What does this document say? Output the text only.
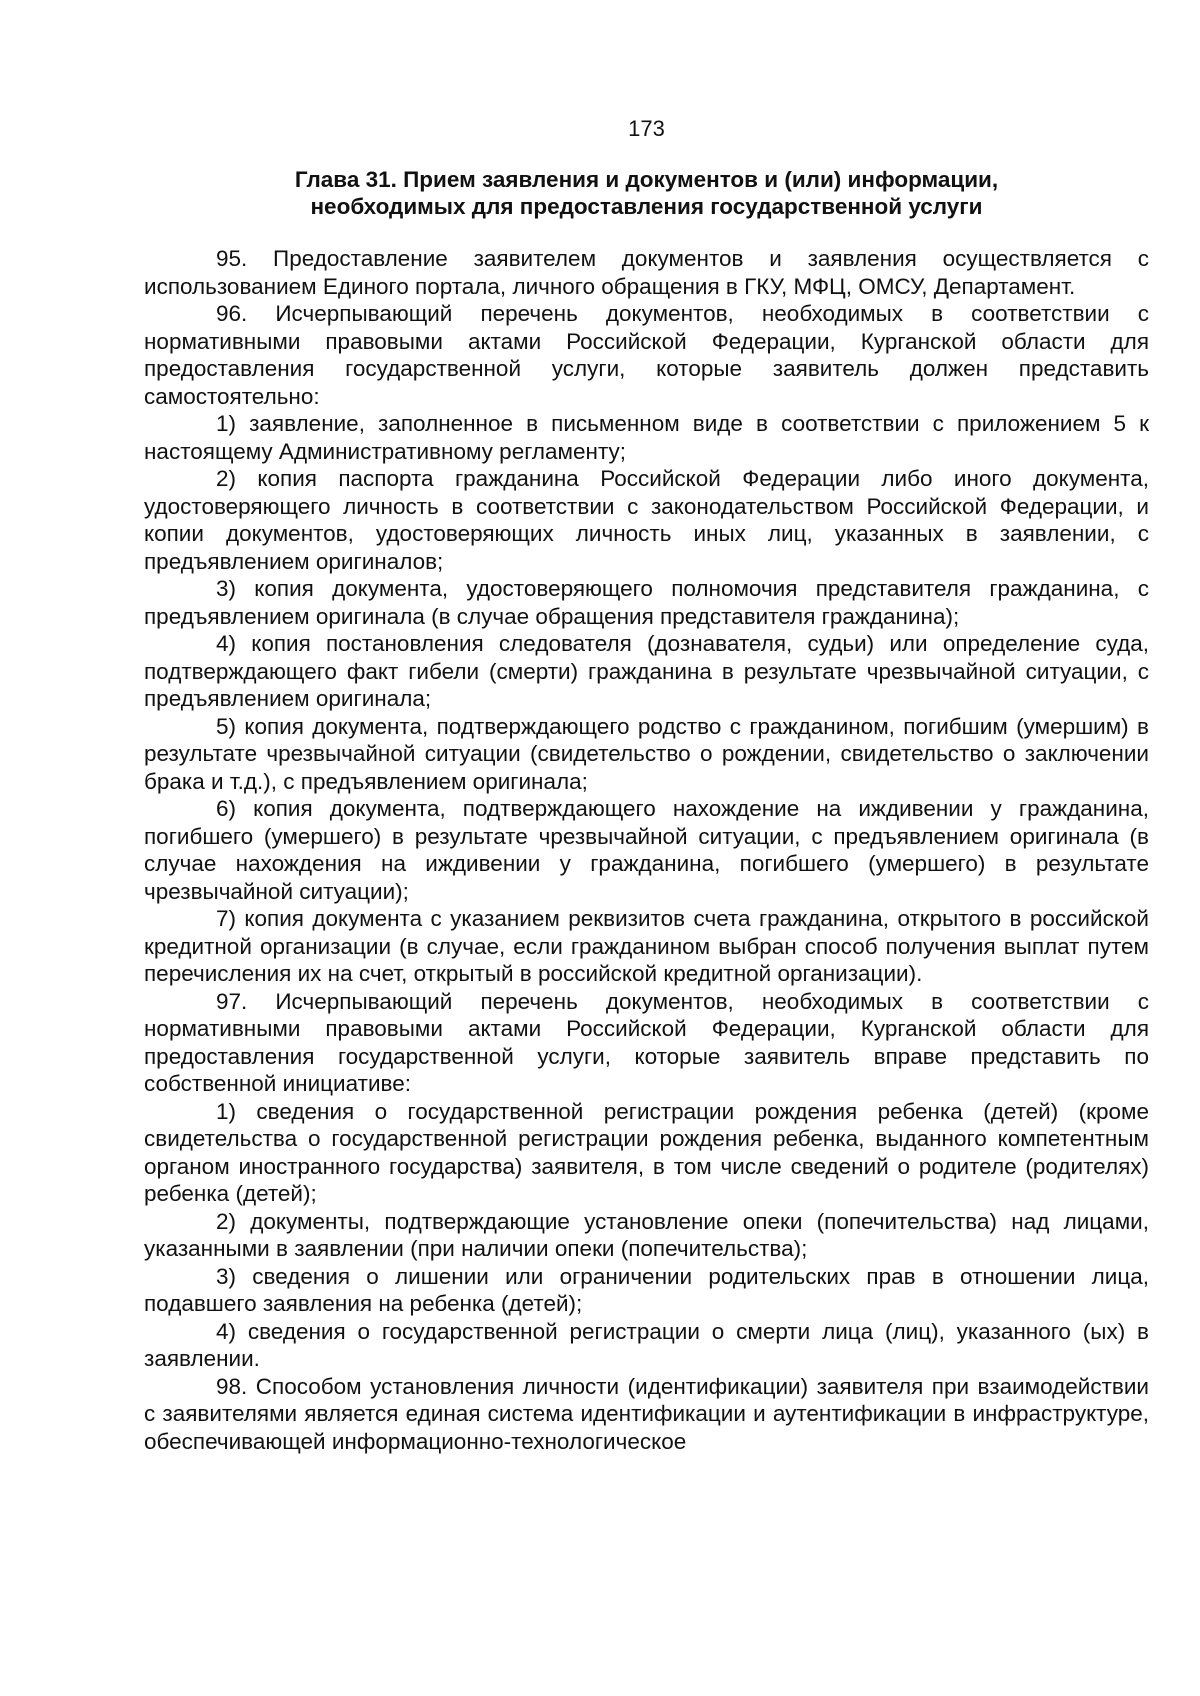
173
Глава 31. Прием заявления и документов и (или) информации,
необходимых для предоставления государственной услуги

95. Предоставление заявителем документов и заявления осуществляется с использованием Единого портала, личного обращения в ГКУ, МФЦ, ОМСУ, Департамент.

96. Исчерпывающий перечень документов, необходимых в соответствии с нормативными правовыми актами Российской Федерации, Курганской области для предоставления государственной услуги, которые заявитель должен представить самостоятельно:

1) заявление, заполненное в письменном виде в соответствии с приложением 5 к настоящему Административному регламенту;

2) копия паспорта гражданина Российской Федерации либо иного документа, удостоверяющего личность в соответствии с законодательством Российской Федерации, и копии документов, удостоверяющих личность иных лиц, указанных в заявлении, с предъявлением оригиналов;

3) копия документа, удостоверяющего полномочия представителя гражданина, с предъявлением оригинала (в случае обращения представителя гражданина);

4) копия постановления следователя (дознавателя, судьи) или определение суда, подтверждающего факт гибели (смерти) гражданина в результате чрезвычайной ситуации, с предъявлением оригинала;

5) копия документа, подтверждающего родство с гражданином, погибшим (умершим) в результате чрезвычайной ситуации (свидетельство о рождении, свидетельство о заключении брака и т.д.), с предъявлением оригинала;

6) копия документа, подтверждающего нахождение на иждивении у гражданина, погибшего (умершего) в результате чрезвычайной ситуации, с предъявлением оригинала (в случае нахождения на иждивении у гражданина, погибшего (умершего) в результате чрезвычайной ситуации);

7) копия документа с указанием реквизитов счета гражданина, открытого в российской кредитной организации (в случае, если гражданином выбран способ получения выплат путем перечисления их на счет, открытый в российской кредитной организации).

97. Исчерпывающий перечень документов, необходимых в соответствии с нормативными правовыми актами Российской Федерации, Курганской области для предоставления государственной услуги, которые заявитель вправе представить по собственной инициативе:

1) сведения о государственной регистрации рождения ребенка (детей) (кроме свидетельства о государственной регистрации рождения ребенка, выданного компетентным органом иностранного государства) заявителя, в том числе сведений о родителе (родителях) ребенка (детей);

2) документы, подтверждающие установление опеки (попечительства) над лицами, указанными в заявлении (при наличии опеки (попечительства);

3) сведения о лишении или ограничении родительских прав в отношении лица, подавшего заявления на ребенка (детей);

4) сведения о государственной регистрации о смерти лица (лиц), указанного (ых) в заявлении.

98. Способом установления личности (идентификации) заявителя при взаимодействии с заявителями является единая система идентификации и аутентификации в инфраструктуре, обеспечивающей информационно-технологическое
